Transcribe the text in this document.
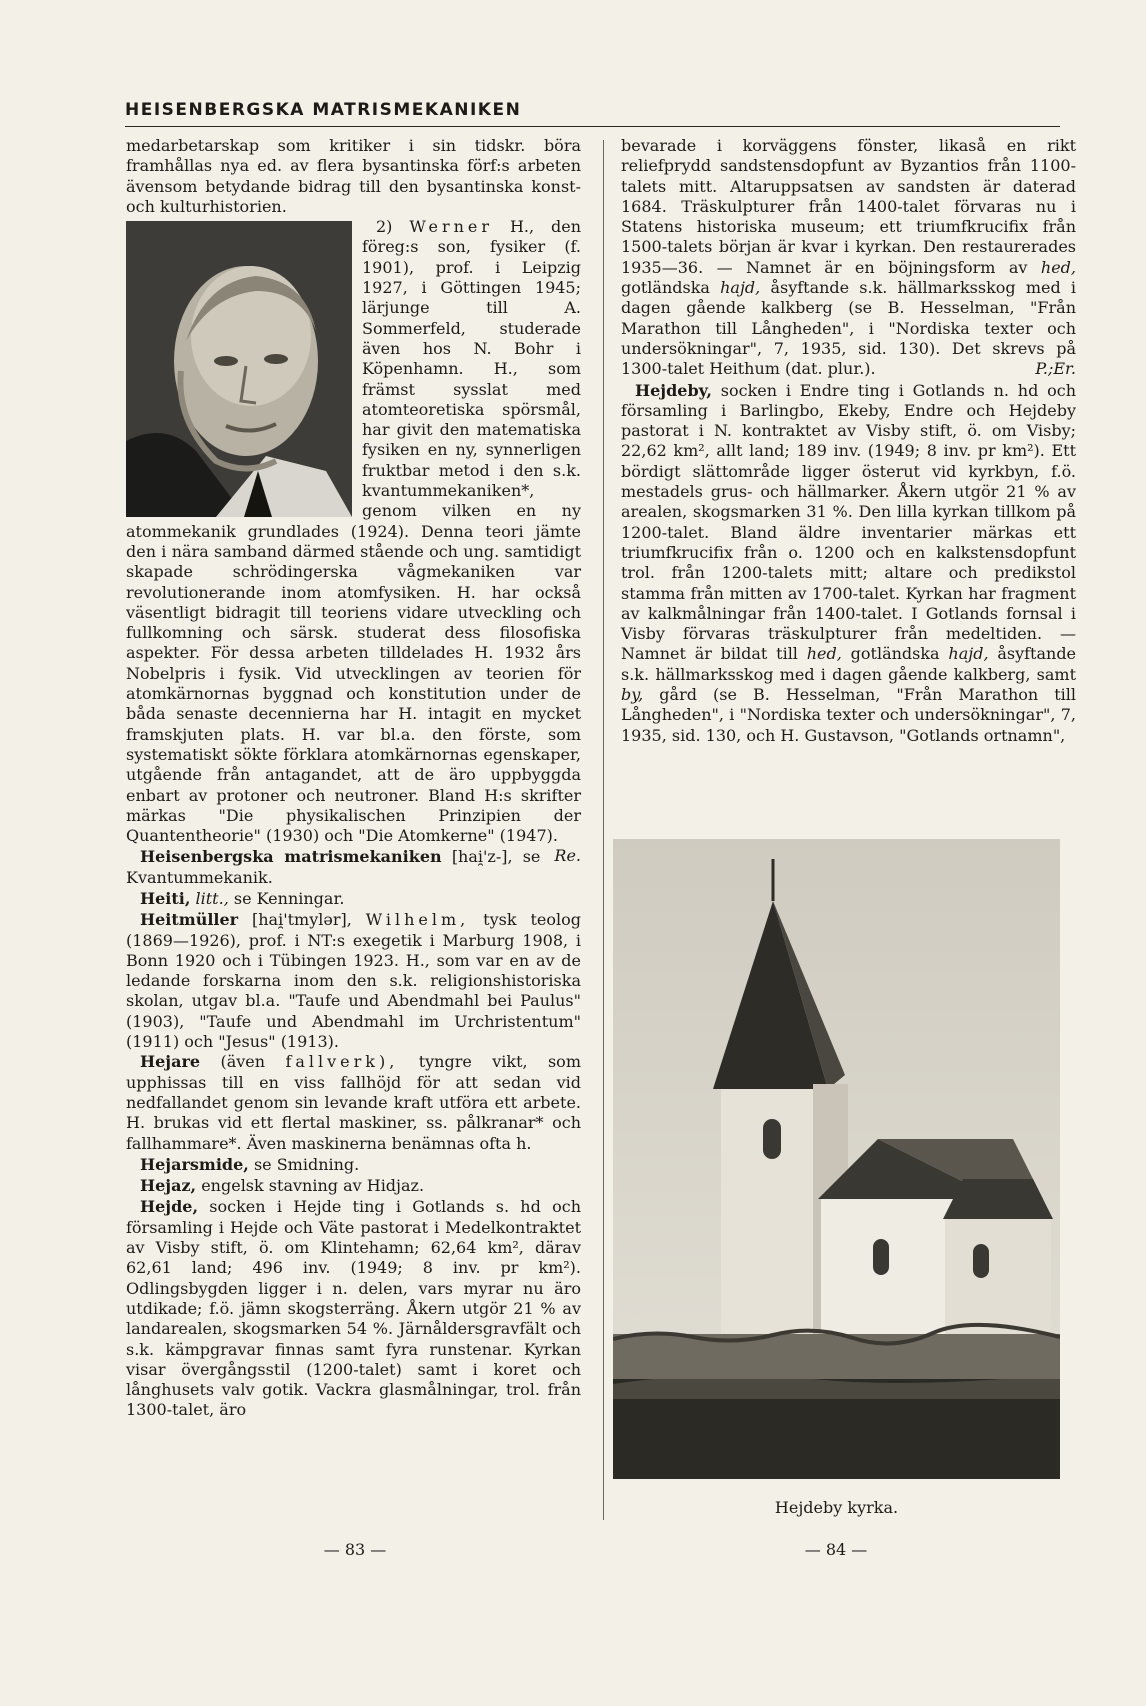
HEISENBERGSKA MATRISMEKANIKEN

medarbetarskap som kritiker i sin tidskr. böra framhållas nya ed. av flera bysantinska förf:s arbeten ävensom betydande bidrag till den bysantinska konst- och kulturhistorien.

2) Werner H., den föreg:s son, fysiker (f. 1901), prof. i Leipzig 1927, i Göttingen 1945; lärjunge till A. Sommerfeld, studerade även hos N. Bohr i Köpenhamn. H., som främst sysslat med atomteoretiska spörsmål, har givit den matematiska fysiken en ny, synnerligen fruktbar metod i den s.k. kvantummekaniken*, genom vilken en ny atommekanik grundlades (1924). Denna teori jämte den i nära samband därmed stående och ung. samtidigt skapade schrödingerska vågmekaniken var revolutionerande inom atomfysiken. H. har också väsentligt bidragit till teoriens vidare utveckling och fullkomning och särsk. studerat dess filosofiska aspekter. För dessa arbeten tilldelades H. 1932 års Nobelpris i fysik. Vid utvecklingen av teorien för atomkärnornas byggnad och konstitution under de båda senaste decennierna har H. intagit en mycket framskjuten plats. H. var bl.a. den förste, som systematiskt sökte förklara atomkärnornas egenskaper, utgående från antagandet, att de äro uppbyggda enbart av protoner och neutroner. Bland H:s skrifter märkas "Die physikalischen Prinzipien der Quantentheorie" (1930) och "Die Atomkerne" (1947).
Re.

Heisenbergska matrismekaniken [hai̯'z-], se Kvantummekanik.

Heiti, litt., se Kenningar.

Heitmüller [hai̯'tmylər], Wilhelm, tysk teolog (1869—1926), prof. i NT:s exegetik i Marburg 1908, i Bonn 1920 och i Tübingen 1923. H., som var en av de ledande forskarna inom den s.k. religionshistoriska skolan, utgav bl.a. "Taufe und Abendmahl bei Paulus" (1903), "Taufe und Abendmahl im Urchristentum" (1911) och "Jesus" (1913).

Hejare (även fallverk), tyngre vikt, som upphissas till en viss fallhöjd för att sedan vid nedfallandet genom sin levande kraft utföra ett arbete. H. brukas vid ett flertal maskiner, ss. pålkranar* och fallhammare*. Även maskinerna benämnas ofta h.

Hejarsmide, se Smidning.

Hejaz, engelsk stavning av Hidjaz.

Hejde, socken i Hejde ting i Gotlands s. hd och församling i Hejde och Väte pastorat i Medelkontraktet av Visby stift, ö. om Klintehamn; 62,64 km², därav 62,61 land; 496 inv. (1949; 8 inv. pr km²). Odlingsbygden ligger i n. delen, vars myrar nu äro utdikade; f.ö. jämn skogsterräng. Åkern utgör 21 % av landarealen, skogsmarken 54 %. Järnåldersgravfält och s.k. kämpgravar finnas samt fyra runstenar. Kyrkan visar övergångsstil (1200-talet) samt i koret och långhusets valv gotik. Vackra glasmålningar, trol. från 1300-talet, äro

bevarade i korväggens fönster, likaså en rikt reliefprydd sandstensdopfunt av Byzantios från 1100-talets mitt. Altaruppsatsen av sandsten är daterad 1684. Träskulpturer från 1400-talet förvaras nu i Statens historiska museum; ett triumfkrucifix från 1500-talets början är kvar i kyrkan. Den restaurerades 1935—36. — Namnet är en böjningsform av hed, gotländska hajd, åsyftande s.k. hällmarksskog med i dagen gående kalkberg (se B. Hesselman, "Från Marathon till Långheden", i "Nordiska texter och undersökningar", 7, 1935, sid. 130). Det skrevs på 1300-talet Heithum (dat. plur.).	P.;Er.

Hejdeby, socken i Endre ting i Gotlands n. hd och församling i Barlingbo, Ekeby, Endre och Hejdeby pastorat i N. kontraktet av Visby stift, ö. om Visby; 22,62 km², allt land; 189 inv. (1949; 8 inv. pr km²). Ett bördigt slättområde ligger österut vid kyrkbyn, f.ö. mestadels grus- och hällmarker. Åkern utgör 21 % av arealen, skogsmarken 31 %. Den lilla kyrkan tillkom på 1200-talet. Bland äldre inventarier märkas ett triumfkrucifix från o. 1200 och en kalkstensdopfunt trol. från 1200-talets mitt; altare och predikstol stamma från mitten av 1700-talet. Kyrkan har fragment av kalkmålningar från 1400-talet. I Gotlands fornsal i Visby förvaras träskulpturer från medeltiden. — Namnet är bildat till hed, gotländska hajd, åsyftande s.k. hällmarksskog med i dagen gående kalkberg, samt by, gård (se B. Hesselman, "Från Marathon till Långheden", i "Nordiska texter och undersökningar", 7, 1935, sid. 130, och H. Gustavson, "Gotlands ortnamn",

Hejdeby kyrka.
— 83 —	— 84 —
